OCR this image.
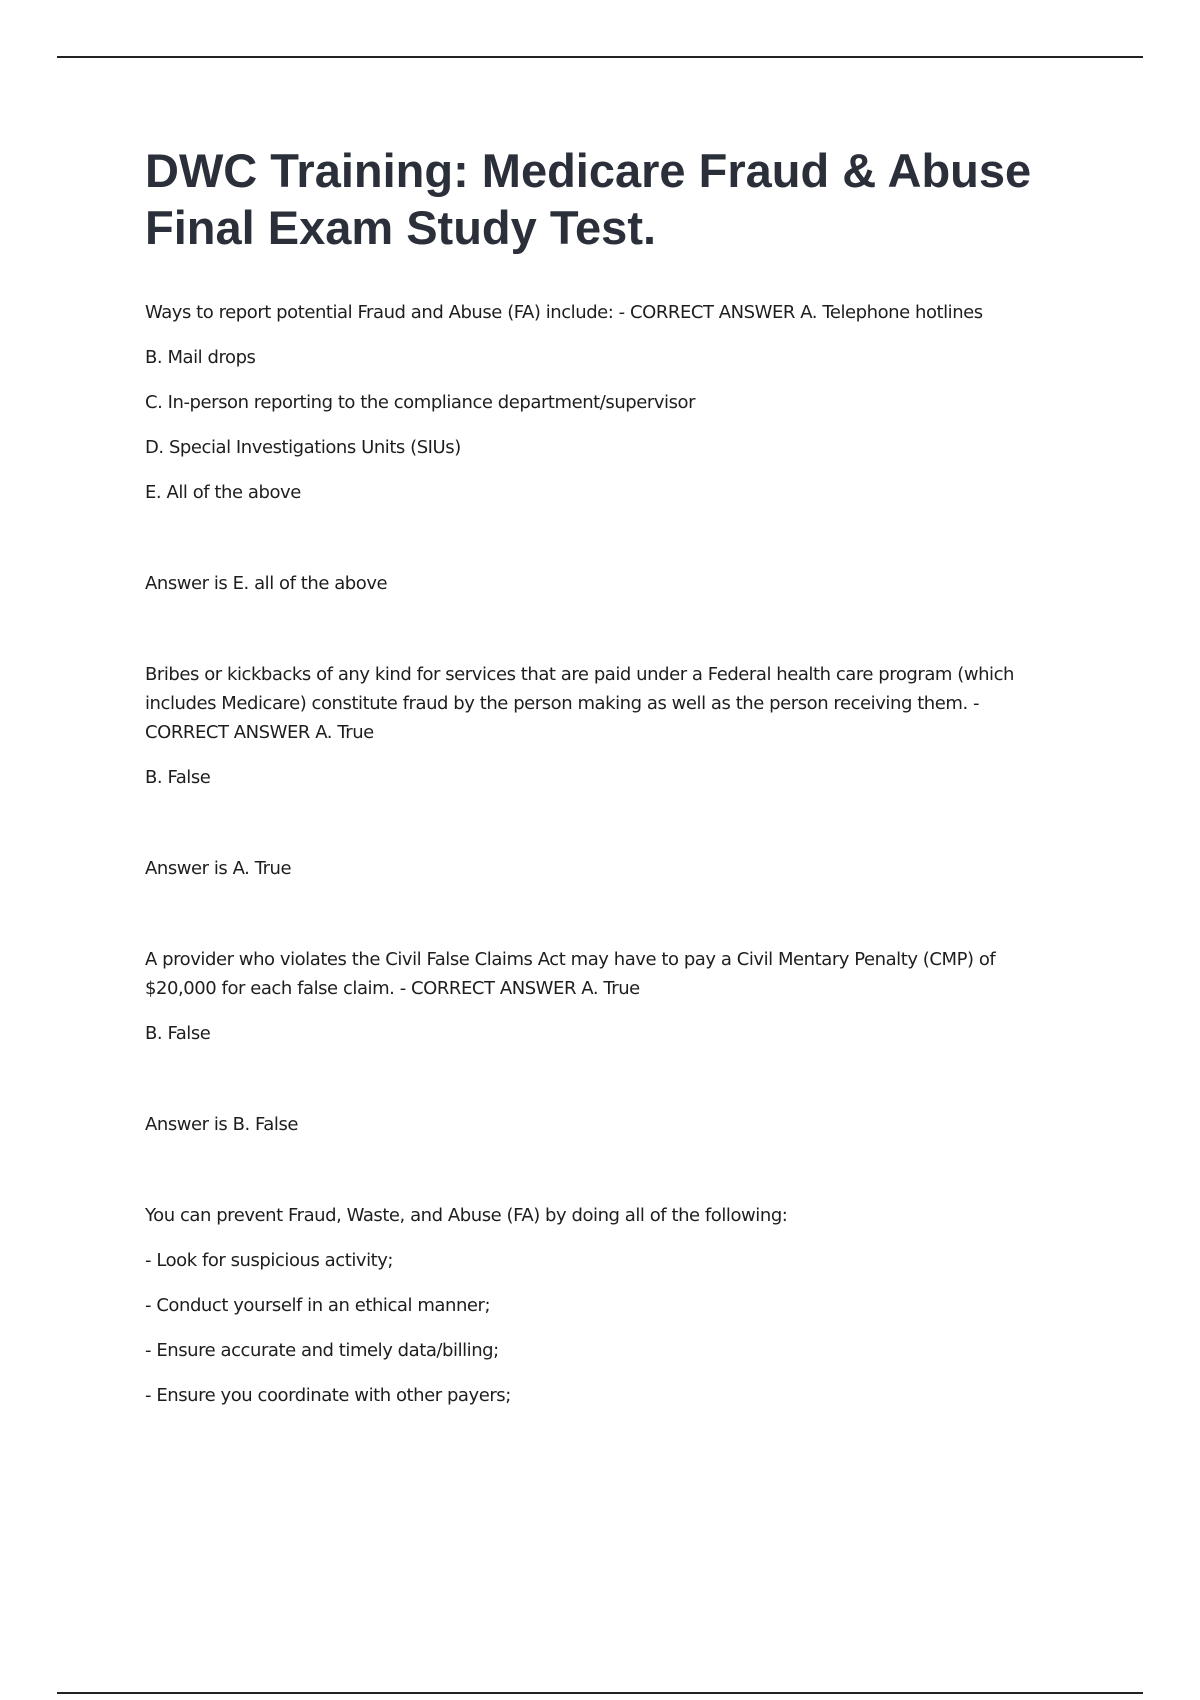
DWC Training: Medicare Fraud & Abuse
Final Exam Study Test.

Ways to report potential Fraud and Abuse (FA) include: - CORRECT ANSWER A. Telephone hotlines

B. Mail drops

C. In-person reporting to the compliance department/supervisor

D. Special Investigations Units (SIUs)

E. All of the above

Answer is E. all of the above

Bribes or kickbacks of any kind for services that are paid under a Federal health care program (which includes Medicare) constitute fraud by the person making as well as the person receiving them. - CORRECT ANSWER A. True

B. False

Answer is A. True

A provider who violates the Civil False Claims Act may have to pay a Civil Mentary Penalty (CMP) of $20,000 for each false claim. - CORRECT ANSWER A. True

B. False

Answer is B. False

You can prevent Fraud, Waste, and Abuse (FA) by doing all of the following:

- Look for suspicious activity;

- Conduct yourself in an ethical manner;

- Ensure accurate and timely data/billing;

- Ensure you coordinate with other payers;
